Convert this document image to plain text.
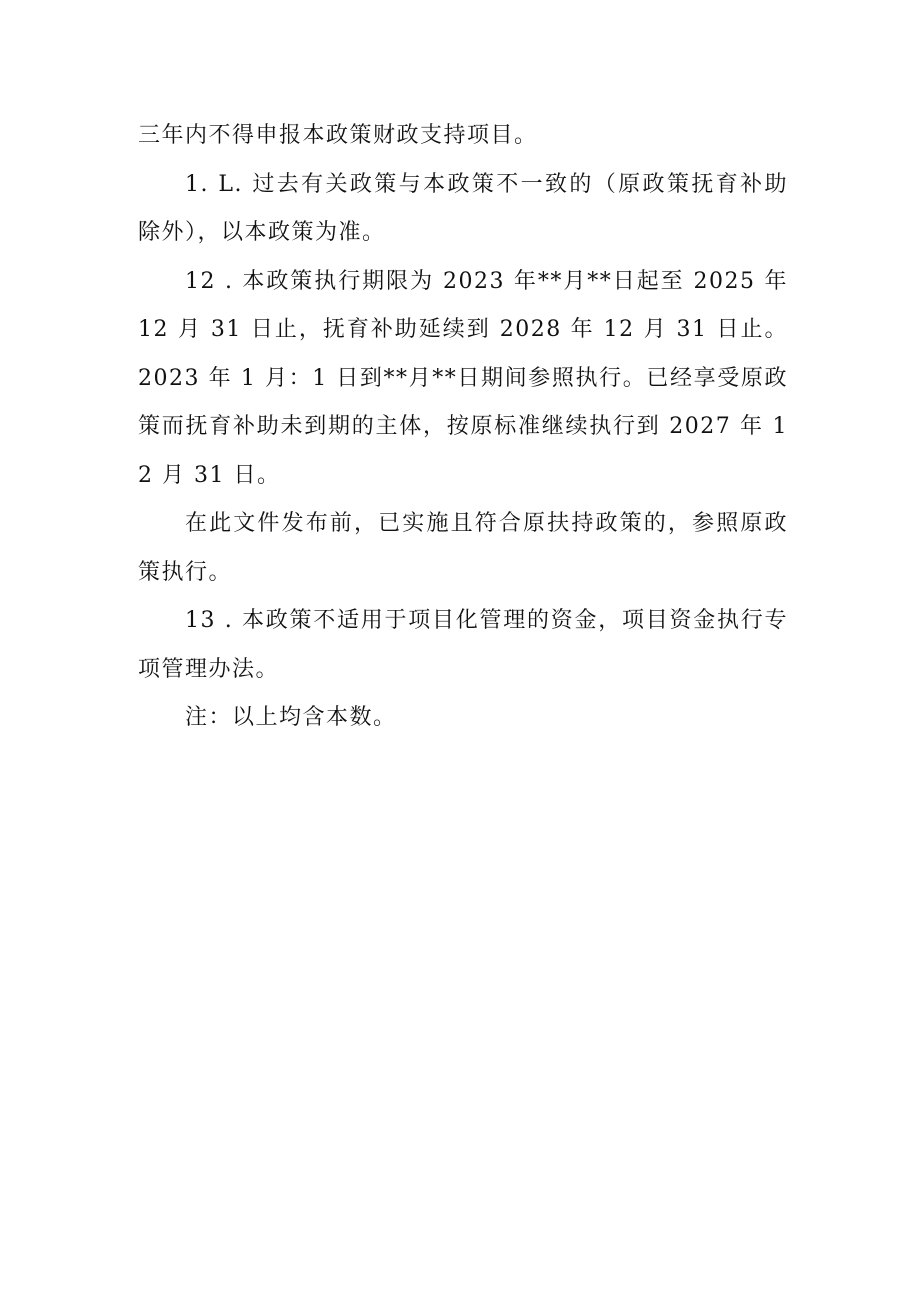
三年内不得申报本政策财政支持项目。

1. L. 过去有关政策与本政策不一致的（原政策抚育补助除外），以本政策为准。

12 . 本政策执行期限为 2023 年**月**日起至 2025 年 12 月 31 日止，抚育补助延续到 2028 年 12 月 31 日止。2023 年 1 月：1 日到**月**日期间参照执行。已经享受原政策而抚育补助未到期的主体，按原标准继续执行到 2027 年 12 月 31 日。

在此文件发布前，已实施且符合原扶持政策的，参照原政策执行。

13 . 本政策不适用于项目化管理的资金，项目资金执行专项管理办法。

注：以上均含本数。
